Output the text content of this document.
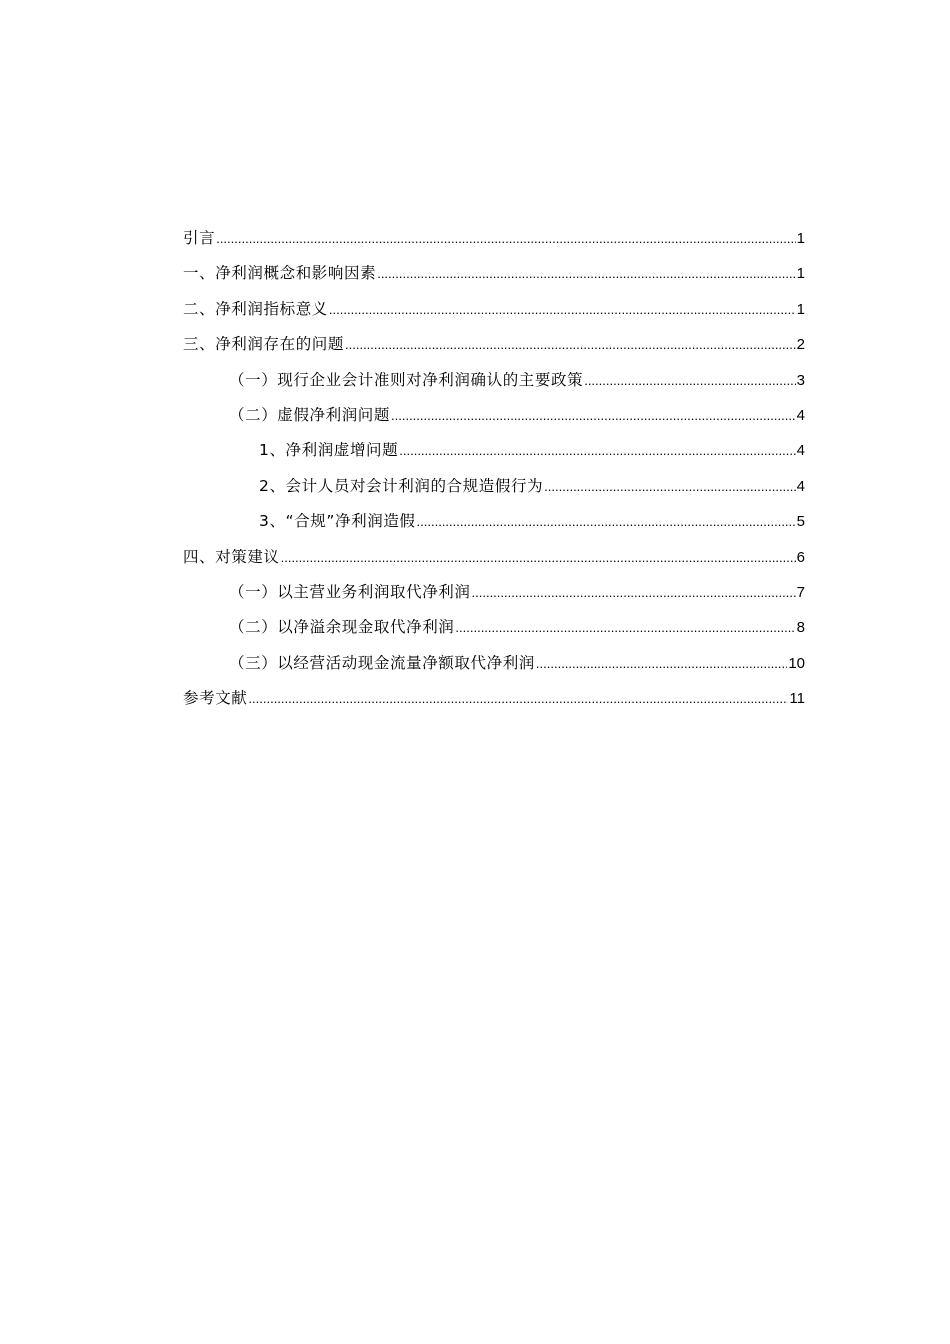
引言 .....	1
一、净利润概念和影响因素 .....	1
二、净利润指标意义 .....	1
三、净利润存在的问题 .....	2
（一）现行企业会计准则对净利润确认的主要政策 .....	3
（二）虚假净利润问题 .....	4
1、净利润虚增问题 .....	4
2、会计人员对会计利润的合规造假行为 .....	4
3、“合规”净利润造假 .....	5
四、对策建议 .....	6
（一）以主营业务利润取代净利润 .....	7
（二）以净溢余现金取代净利润 .....	8
（三）以经营活动现金流量净额取代净利润 .....	10
参考文献 .....	11
